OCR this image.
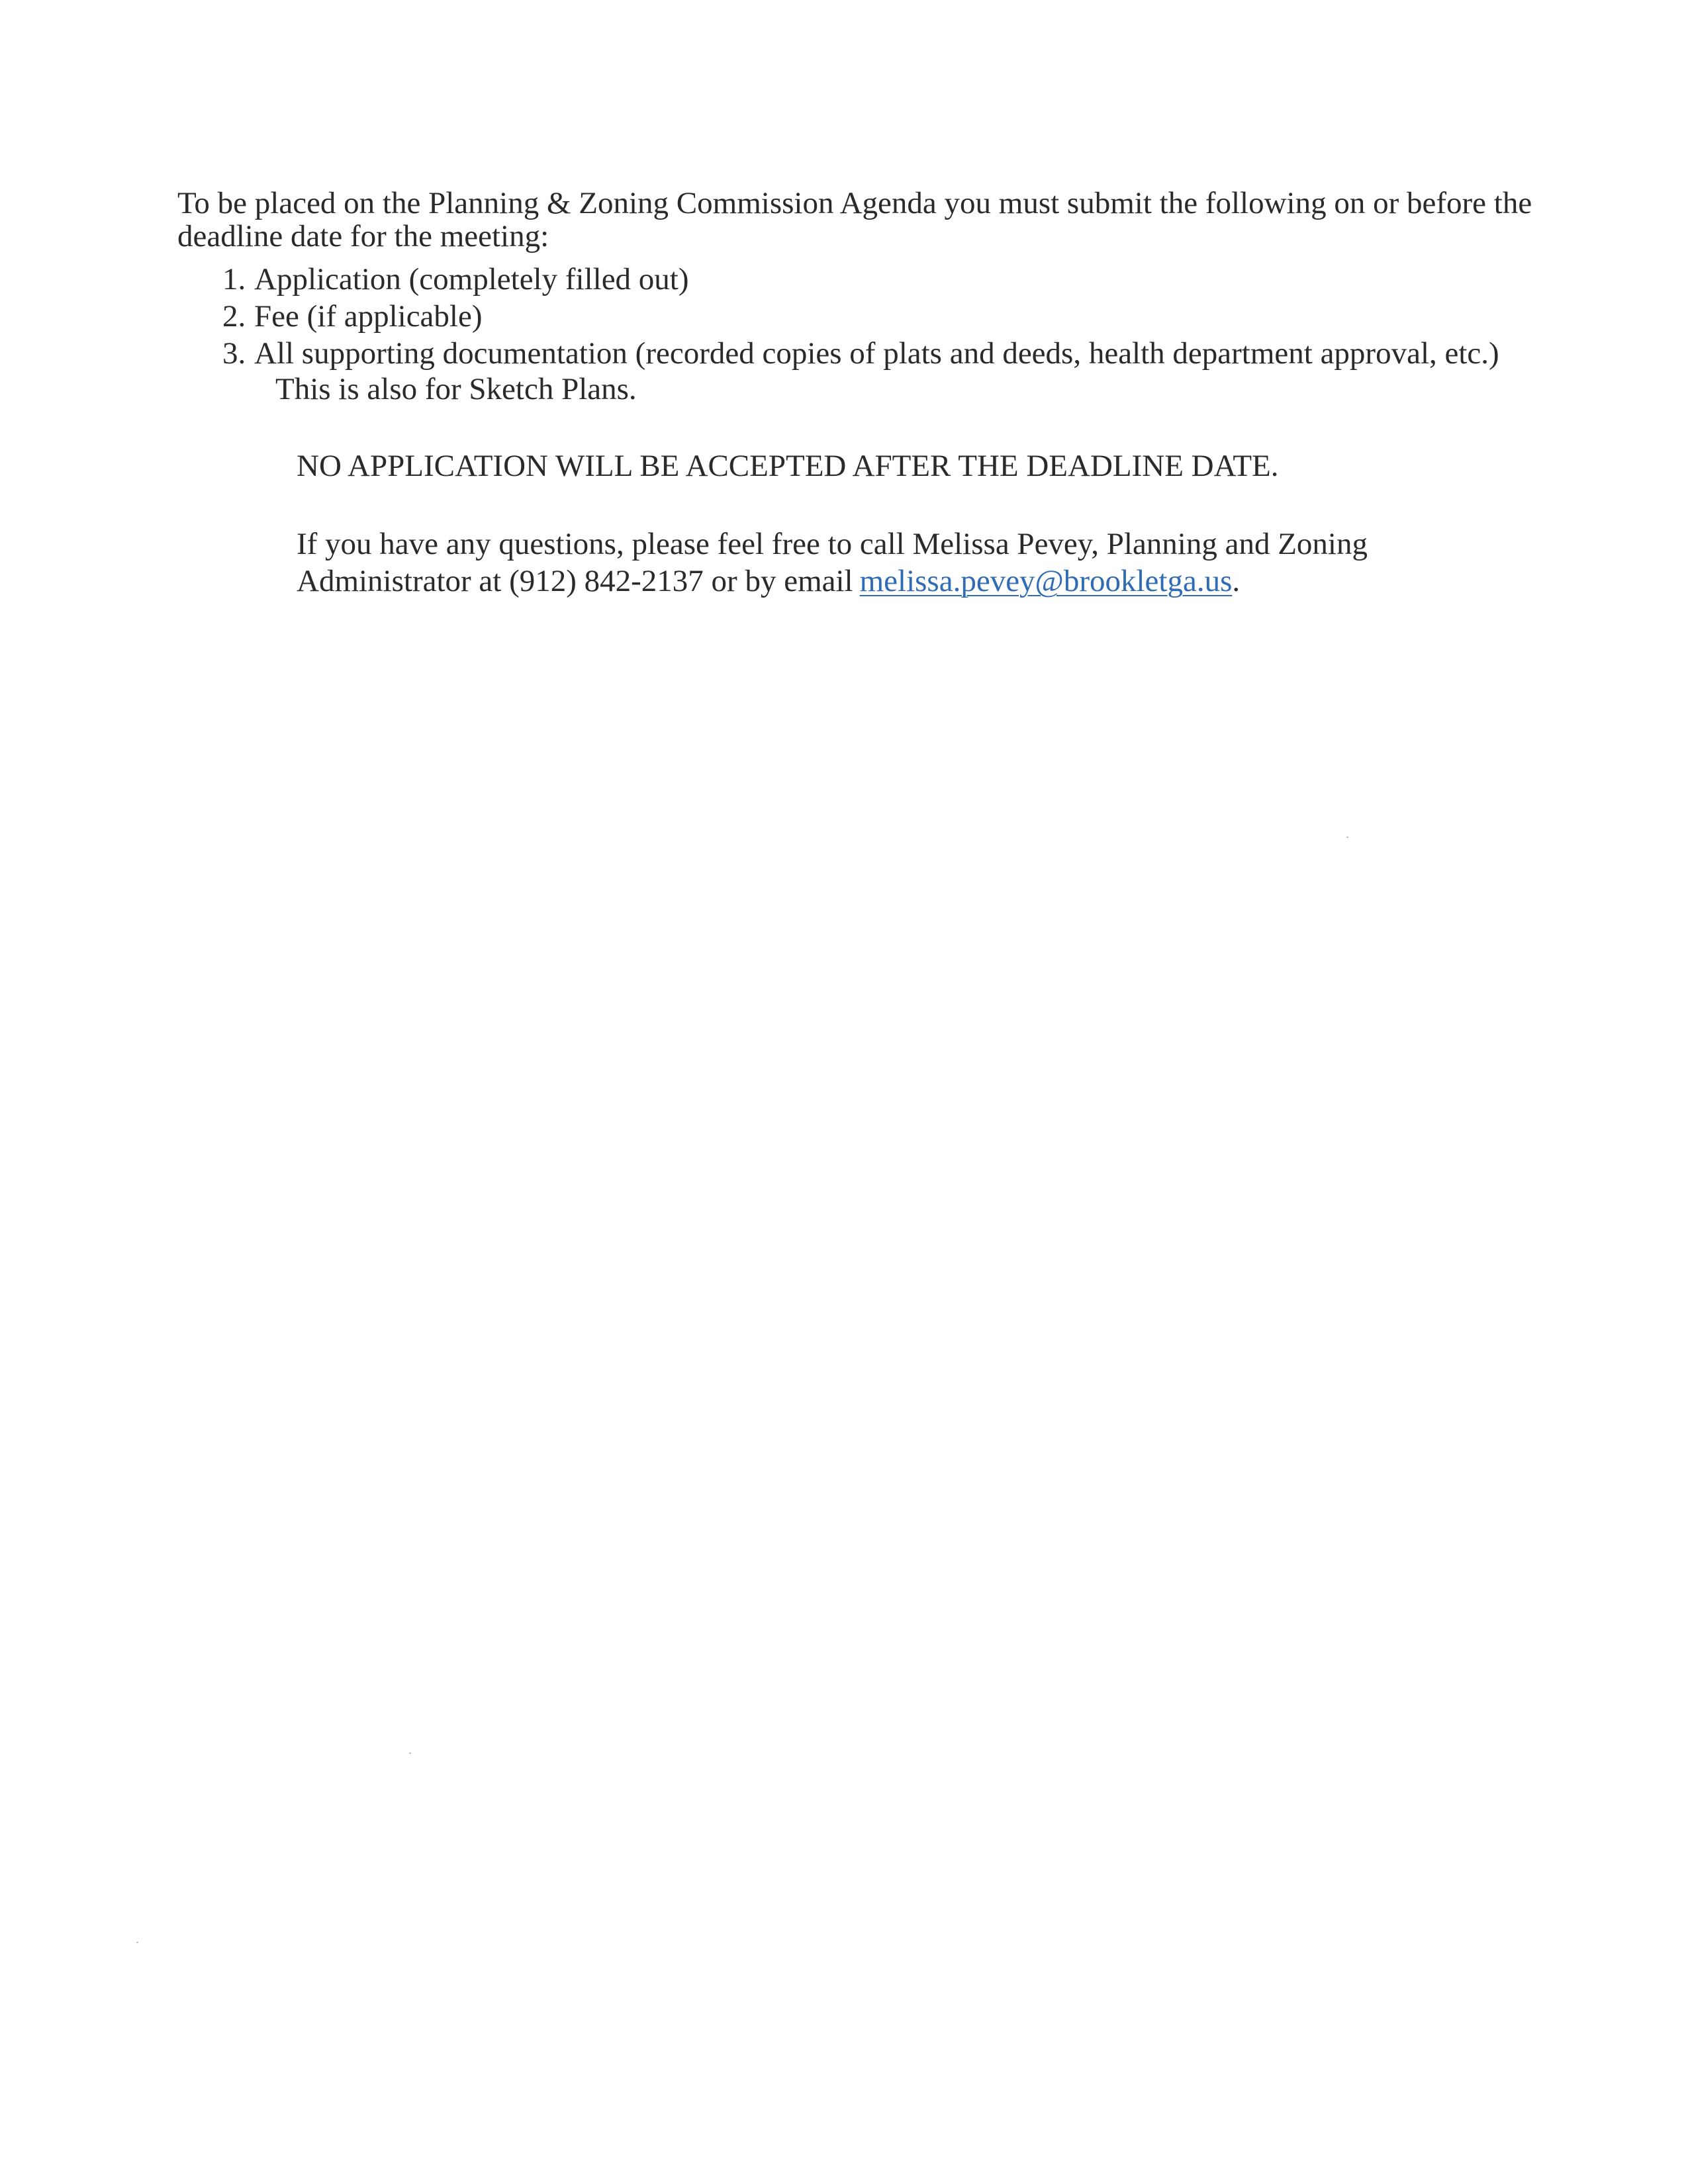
To be placed on the Planning & Zoning Commission Agenda you must submit the following on or before the deadline date for the meeting:

1. Application (completely filled out)
2. Fee (if applicable)
3. All supporting documentation (recorded copies of plats and deeds, health department approval, etc.)

This is also for Sketch Plans.

NO APPLICATION WILL BE ACCEPTED AFTER THE DEADLINE DATE.

If you have any questions, please feel free to call Melissa Pevey, Planning and Zoning
Administrator at (912) 842-2137 or by email melissa.pevey@brookletga.us.
